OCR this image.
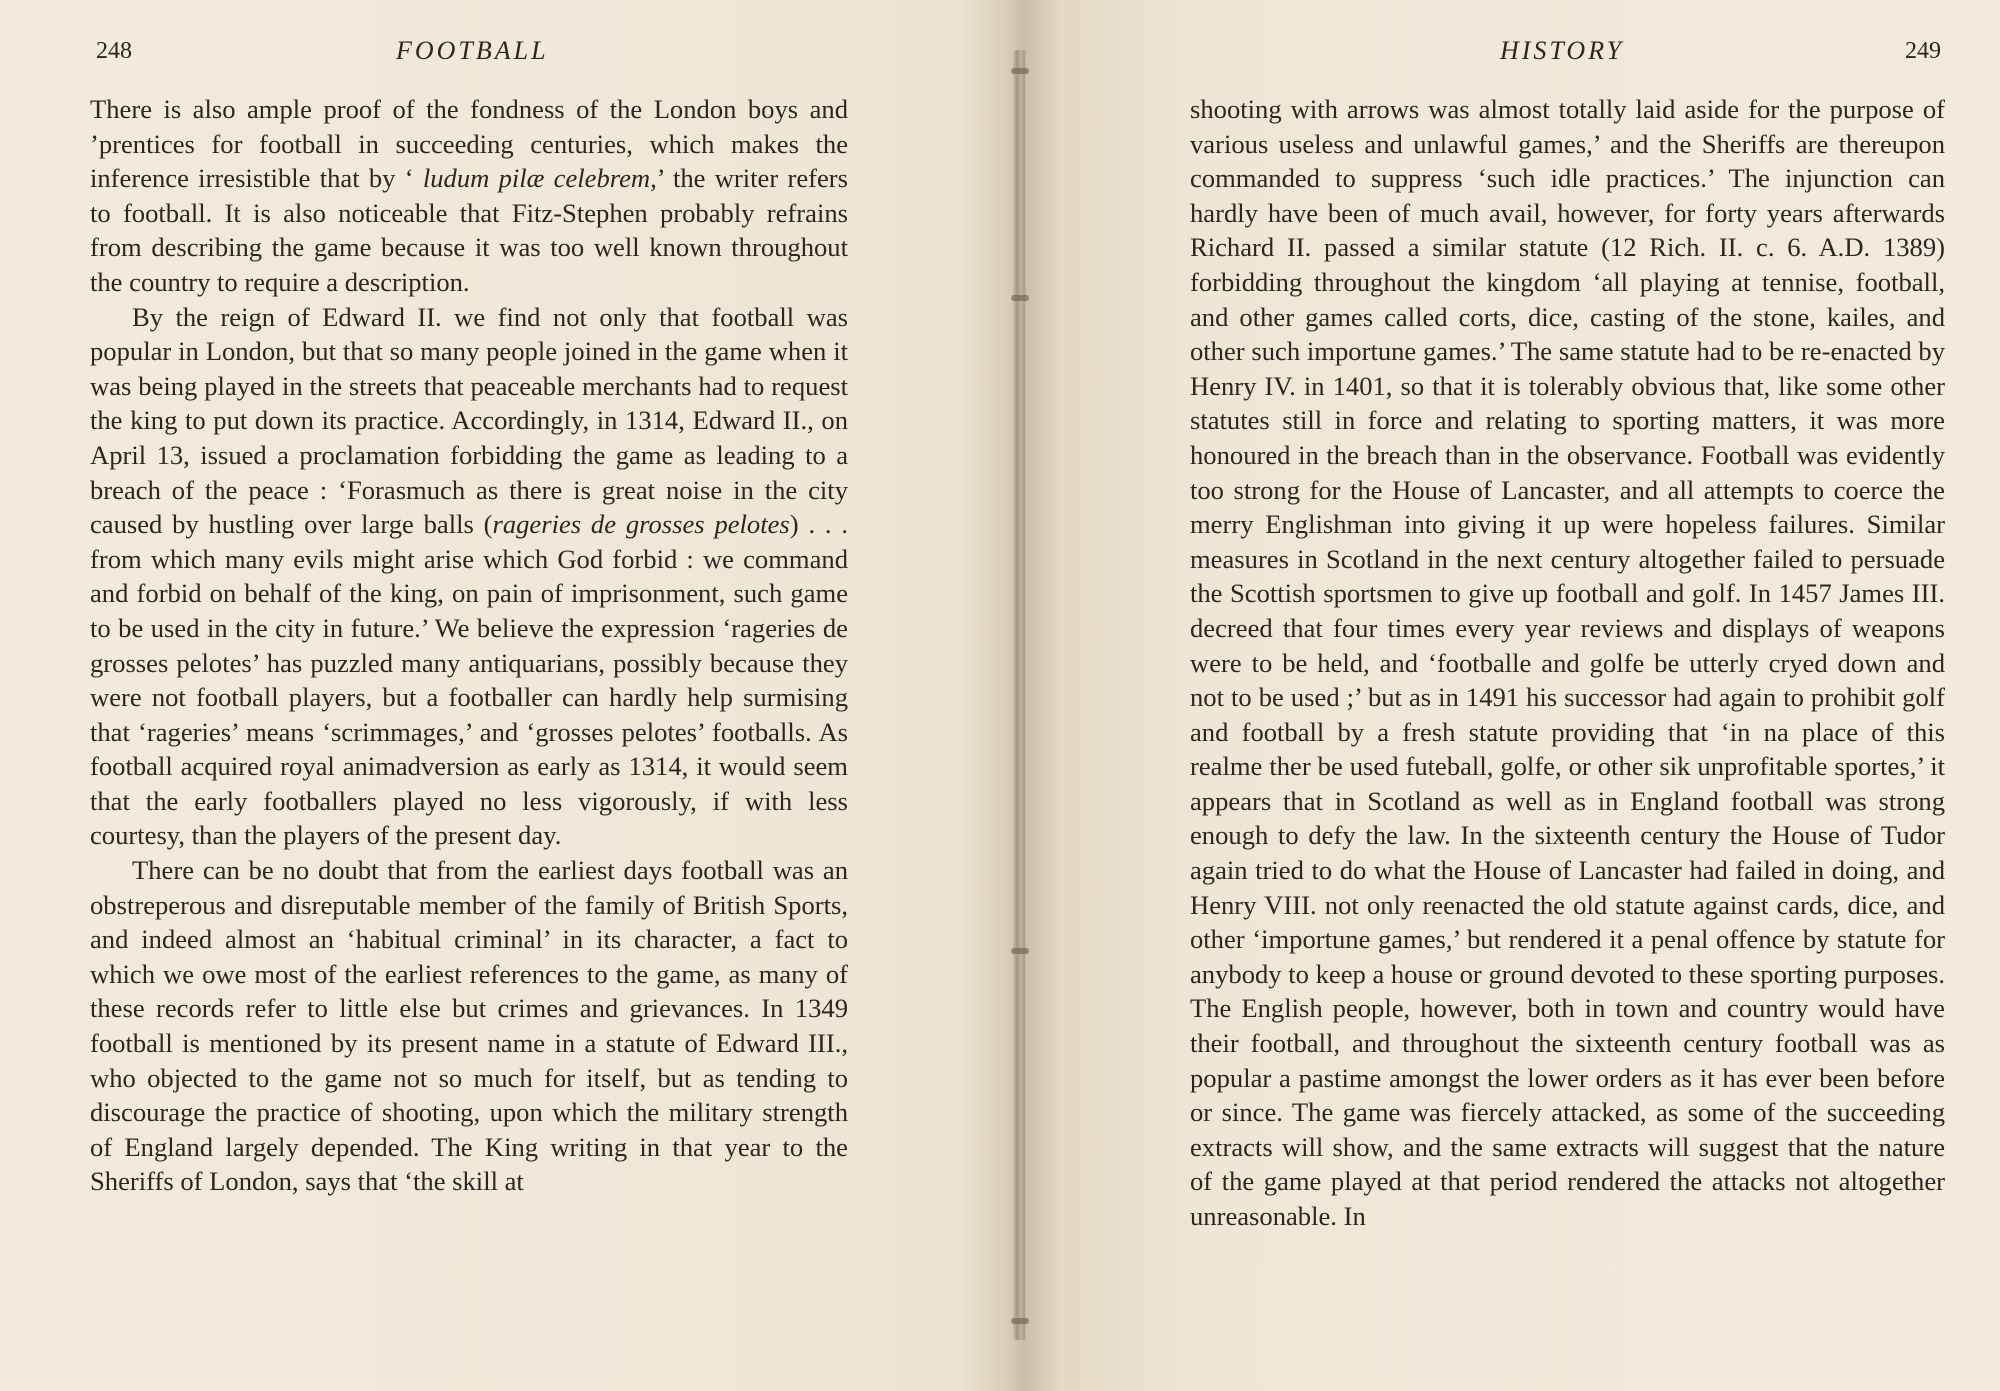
248	FOOTBALL

There is also ample proof of the fondness of the London boys and ’prentices for football in succeeding centuries, which makes the inference irresistible that by ‘ ludum pilæ celebrem,’ the writer refers to football. It is also noticeable that Fitz-Stephen probably refrains from describing the game because it was too well known throughout the country to require a description.

By the reign of Edward II. we find not only that football was popular in London, but that so many people joined in the game when it was being played in the streets that peaceable merchants had to request the king to put down its practice. Accordingly, in 1314, Edward II., on April 13, issued a proclamation forbidding the game as leading to a breach of the peace : ‘Forasmuch as there is great noise in the city caused by hustling over large balls (rageries de grosses pelotes) . . . from which many evils might arise which God forbid : we command and forbid on behalf of the king, on pain of imprisonment, such game to be used in the city in future.’ We believe the expression ‘rageries de grosses pelotes’ has puzzled many antiquarians, possibly because they were not football players, but a footballer can hardly help surmising that ‘rageries’ means ‘scrimmages,’ and ‘grosses pelotes’ footballs. As football acquired royal animadversion as early as 1314, it would seem that the early footballers played no less vigorously, if with less courtesy, than the players of the present day.

There can be no doubt that from the earliest days football was an obstreperous and disreputable member of the family of British Sports, and indeed almost an ‘habitual criminal’ in its character, a fact to which we owe most of the earliest references to the game, as many of these records refer to little else but crimes and grievances. In 1349 football is mentioned by its present name in a statute of Edward III., who objected to the game not so much for itself, but as tending to discourage the practice of shooting, upon which the military strength of England largely depended. The King writing in that year to the Sheriffs of London, says that ‘the skill at

HISTORY	249

shooting with arrows was almost totally laid aside for the purpose of various useless and unlawful games,’ and the Sheriffs are thereupon commanded to suppress ‘such idle practices.’ The injunction can hardly have been of much avail, however, for forty years afterwards Richard II. passed a similar statute (12 Rich. II. c. 6. A.D. 1389) forbidding throughout the kingdom ‘all playing at tennise, football, and other games called corts, dice, casting of the stone, kailes, and other such importune games.’ The same statute had to be re-enacted by Henry IV. in 1401, so that it is tolerably obvious that, like some other statutes still in force and relating to sporting matters, it was more honoured in the breach than in the observance. Football was evidently too strong for the House of Lancaster, and all attempts to coerce the merry Englishman into giving it up were hopeless failures. Similar measures in Scotland in the next century altogether failed to persuade the Scottish sportsmen to give up football and golf. In 1457 James III. decreed that four times every year reviews and displays of weapons were to be held, and ‘footballe and golfe be utterly cryed down and not to be used ;’ but as in 1491 his successor had again to prohibit golf and football by a fresh statute providing that ‘in na place of this realme ther be used futeball, golfe, or other sik unprofitable sportes,’ it appears that in Scotland as well as in England football was strong enough to defy the law. In the sixteenth century the House of Tudor again tried to do what the House of Lancaster had failed in doing, and Henry VIII. not only reenacted the old statute against cards, dice, and other ‘importune games,’ but rendered it a penal offence by statute for anybody to keep a house or ground devoted to these sporting purposes. The English people, however, both in town and country would have their football, and throughout the sixteenth century football was as popular a pastime amongst the lower orders as it has ever been before or since. The game was fiercely attacked, as some of the succeeding extracts will show, and the same extracts will suggest that the nature of the game played at that period rendered the attacks not altogether unreasonable. In
